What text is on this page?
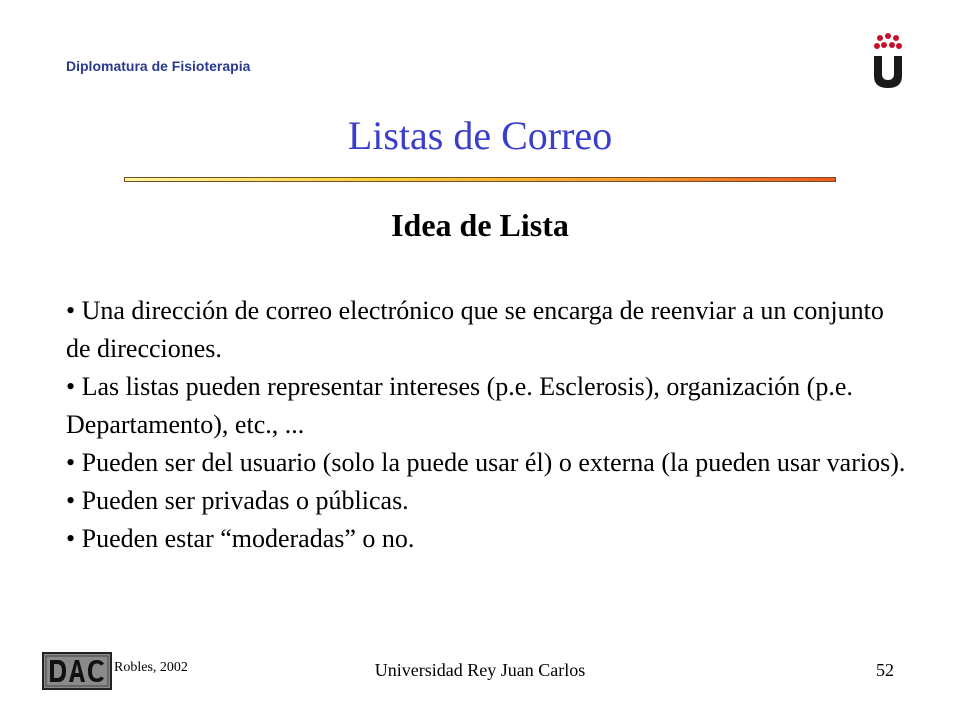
Diplomatura de Fisioterapia
Listas de Correo
Idea de Lista

• Una dirección de correo electrónico que se encarga de reenviar a un conjunto de direcciones.

• Las listas pueden representar intereses (p.e. Esclerosis), organización (p.e. Departamento), etc., ...

• Pueden ser del usuario (solo la puede usar él) o externa (la pueden usar varios).

• Pueden ser privadas o públicas.

• Pueden estar “moderadas” o no.

Robles, 2002	Universidad Rey Juan Carlos	52
